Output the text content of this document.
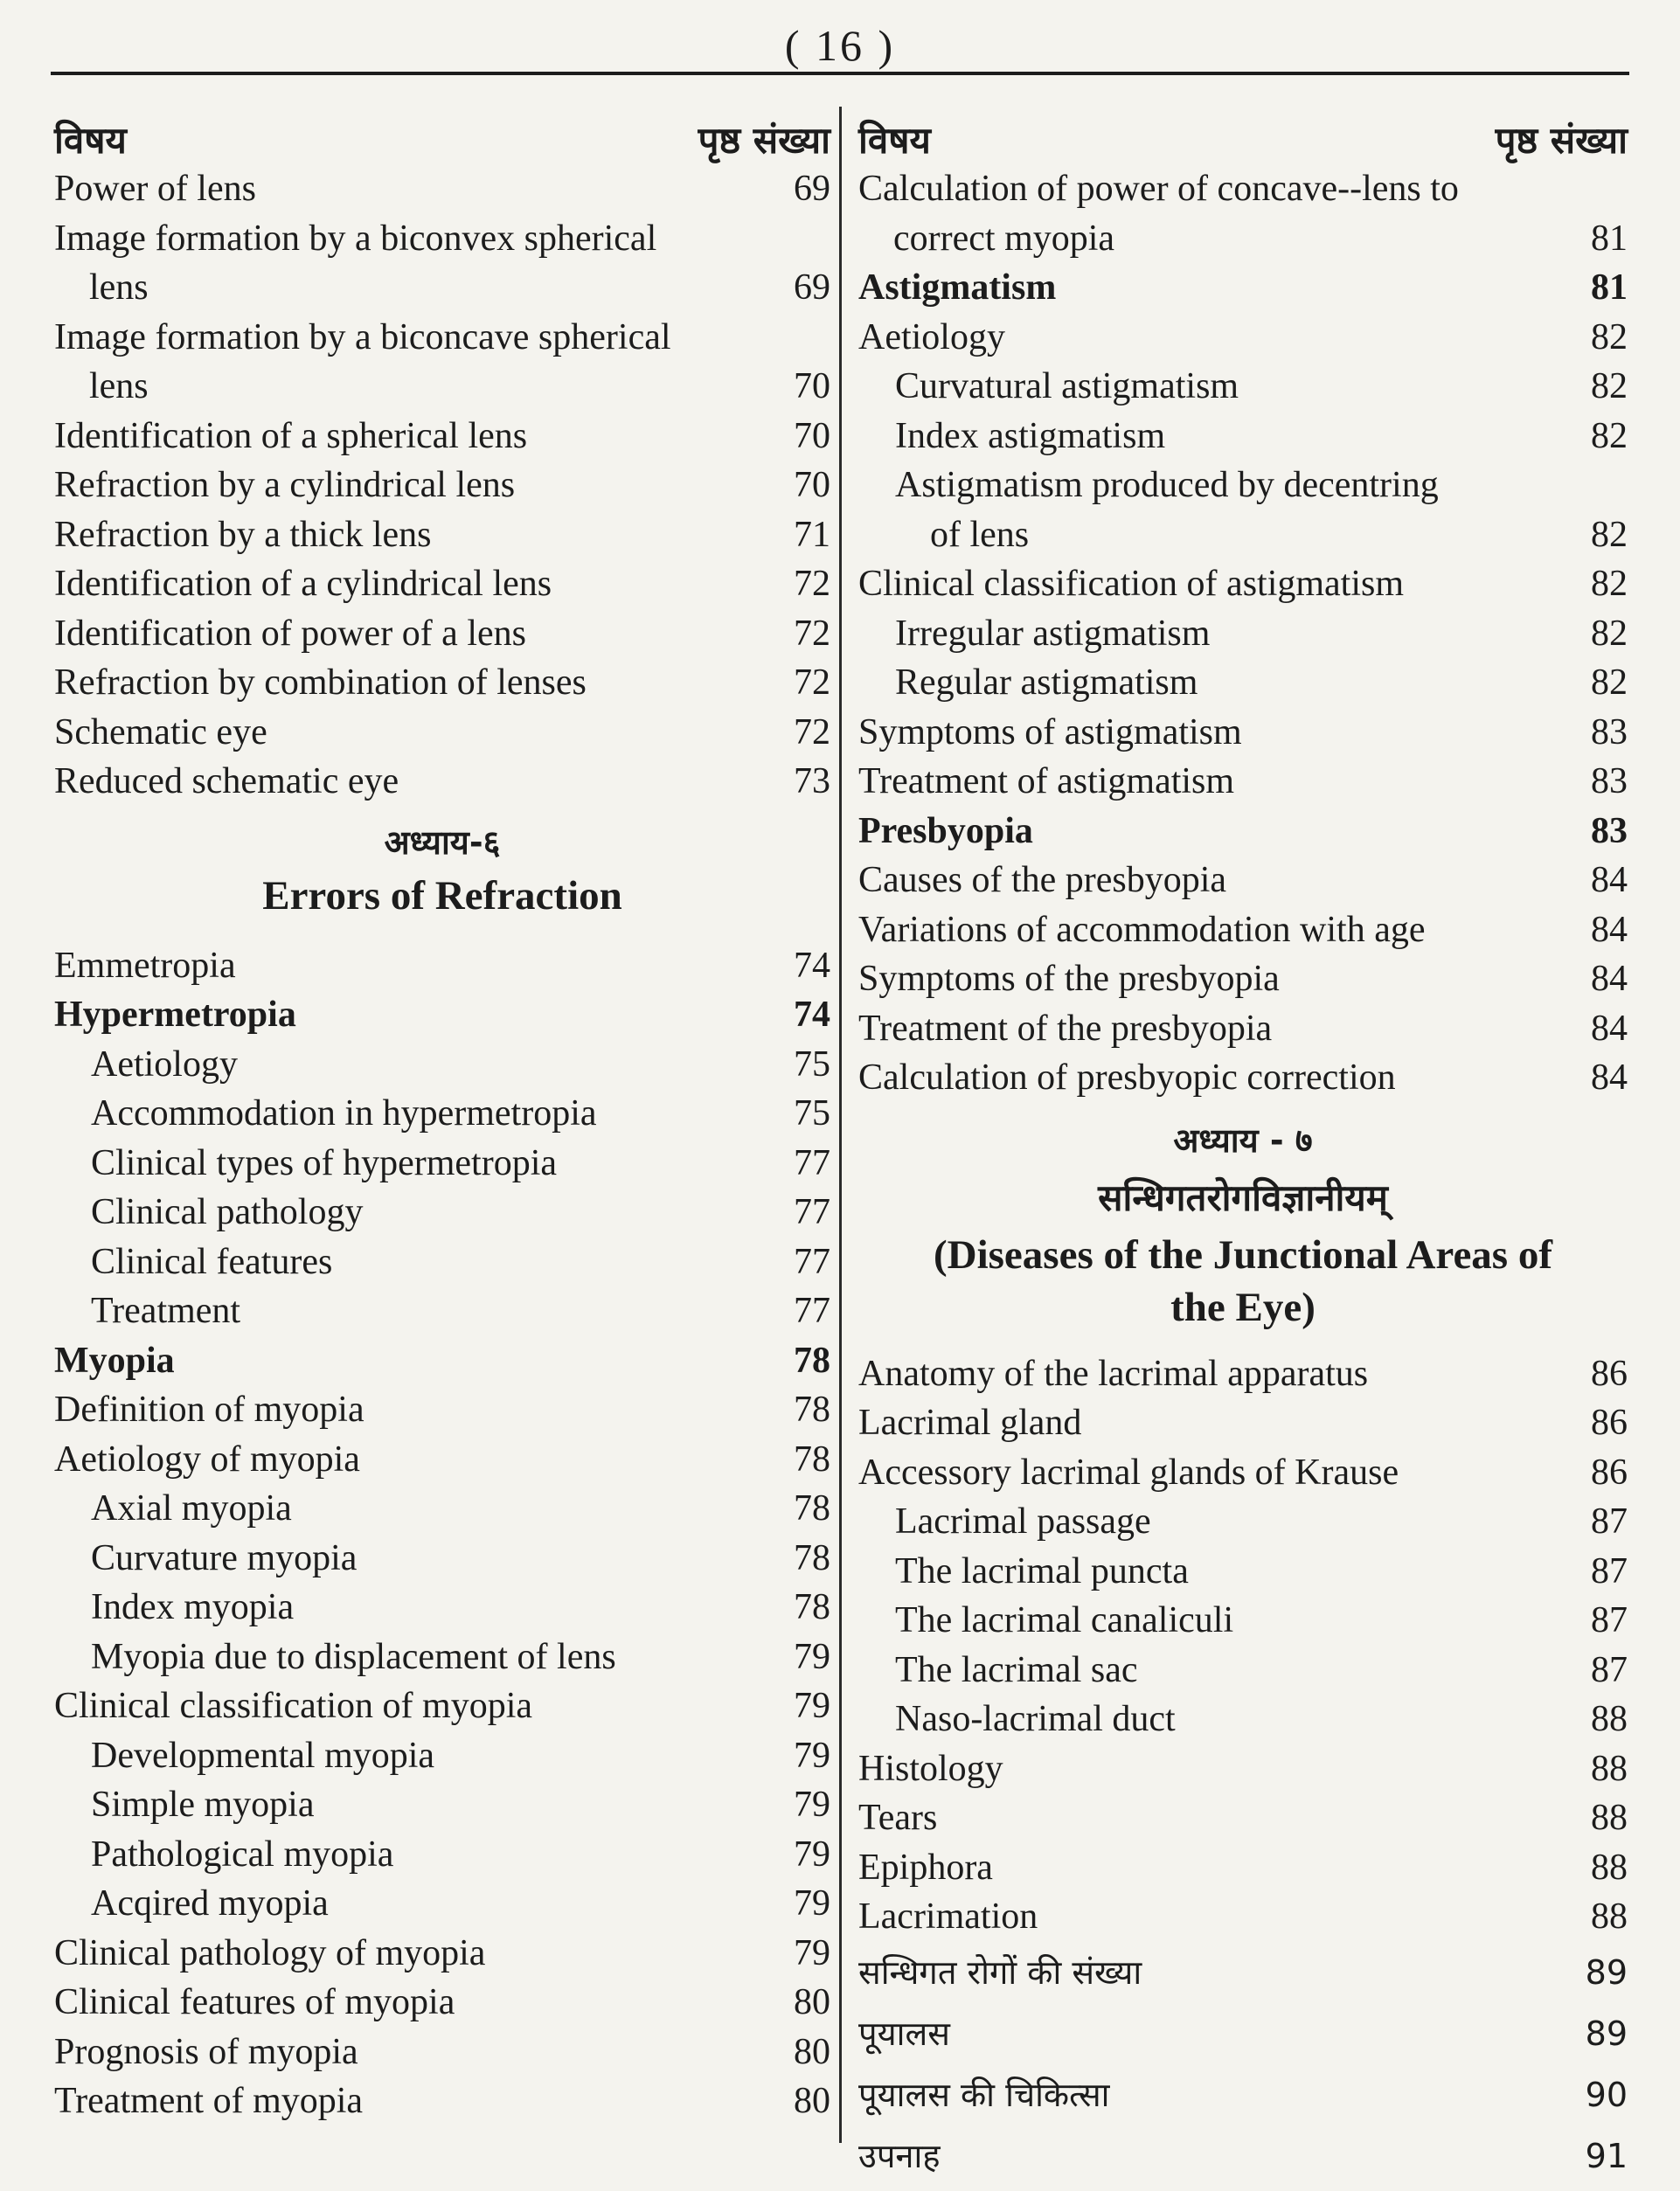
( 16 )
विषय	पृष्ठ संख्या
Power of lens	69
Image formation by a biconvex spherical
lens	69
Image formation by a biconcave spherical
lens	70
Identification of a spherical lens	70
Refraction by a cylindrical lens	70
Refraction by a thick lens	71
Identification of a cylindrical lens	72
Identification of power of a lens	72
Refraction by combination of lenses	72
Schematic eye	72
Reduced schematic eye	73
अध्याय-६
Errors of Refraction
Emmetropia	74
Hypermetropia	74
Aetiology	75
Accommodation in hypermetropia	75
Clinical types of hypermetropia	77
Clinical pathology	77
Clinical features	77
Treatment	77
Myopia	78
Definition of myopia	78
Aetiology of myopia	78
Axial myopia	78
Curvature myopia	78
Index myopia	78
Myopia due to displacement of lens	79
Clinical classification of myopia	79
Developmental myopia	79
Simple myopia	79
Pathological myopia	79
Acqired myopia	79
Clinical pathology of myopia	79
Clinical features of myopia	80
Prognosis of myopia	80
Treatment of myopia	80
विषय	पृष्ठ संख्या
Calculation of power of concave--lens to
correct myopia	81
Astigmatism	81
Aetiology	82
Curvatural astigmatism	82
Index astigmatism	82
Astigmatism produced by decentring
of lens	82
Clinical classification of astigmatism	82
Irregular astigmatism	82
Regular astigmatism	82
Symptoms of astigmatism	83
Treatment of astigmatism	83
Presbyopia	83
Causes of the presbyopia	84
Variations of accommodation with age	84
Symptoms of the presbyopia	84
Treatment of the presbyopia	84
Calculation of presbyopic correction	84
अध्याय - ७
सन्धिगतरोगविज्ञानीयम्
(Diseases of the Junctional Areas of
the Eye)
Anatomy of the lacrimal apparatus	86
Lacrimal gland	86
Accessory lacrimal glands of Krause	86
Lacrimal passage	87
The lacrimal puncta	87
The lacrimal canaliculi	87
The lacrimal sac	87
Naso-lacrimal duct	88
Histology	88
Tears	88
Epiphora	88
Lacrimation	88
सन्धिगत रोगों की संख्या	89
पूयालस	89
पूयालस की चिकित्सा	90
उपनाह	91
